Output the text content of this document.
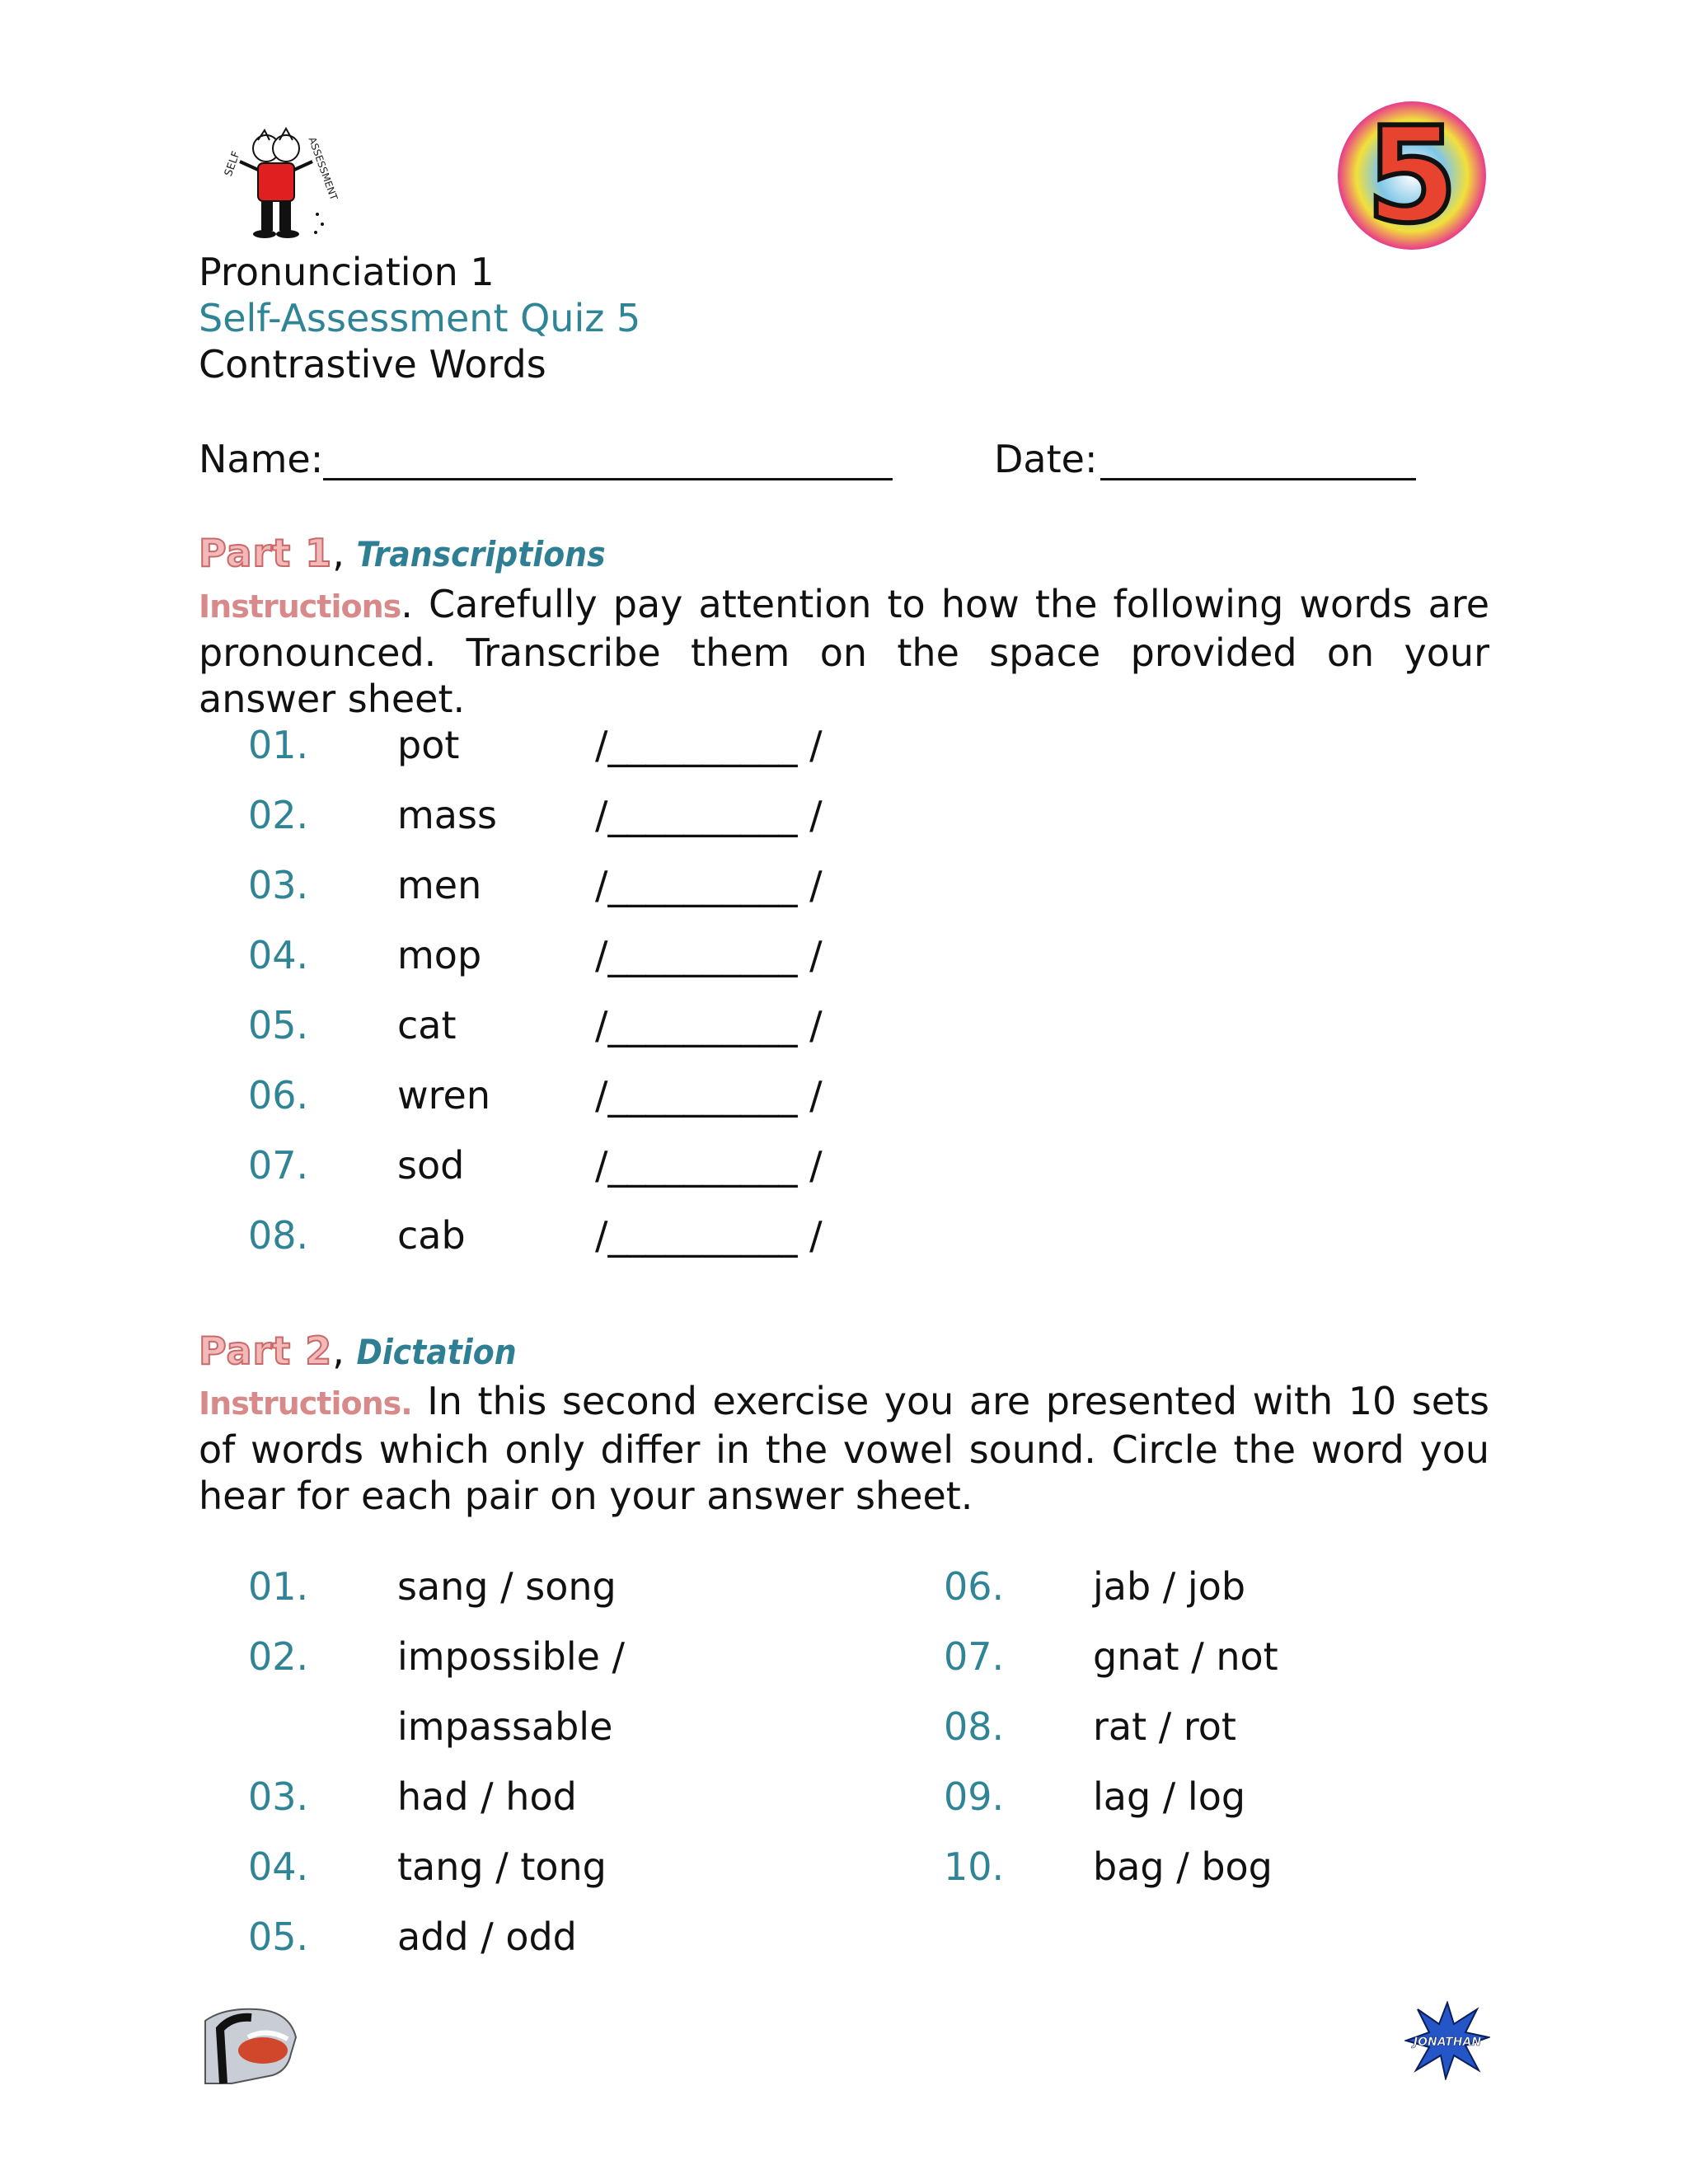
SELF	ASSESSMENT	5
Pronunciation 1
Self-Assessment Quiz 5
Contrastive Words
Name:	Date:
Part 1, Transcriptions
Instructions. Carefully pay attention to how the following words are pronounced. Transcribe them on the space provided on your answer sheet.
01. pot	/__________ /
02. mass	/__________ /
03. men	/__________ /
04. mop	/__________ /
05. cat	/__________ /
06. wren	/__________ /
07. sod	/__________ /
08. cab	/__________ /
Part 2, Dictation
Instructions. In this second exercise you are presented with 10 sets of words which only differ in the vowel sound. Circle the word you hear for each pair on your answer sheet.
01. sang / song
02. impossible /
impassable
03. had / hod
04. tang / tong
05. add / odd
06. jab / job
07. gnat / not
08. rat / rot
09. lag / log
10. bag / bog
JONATHAN
